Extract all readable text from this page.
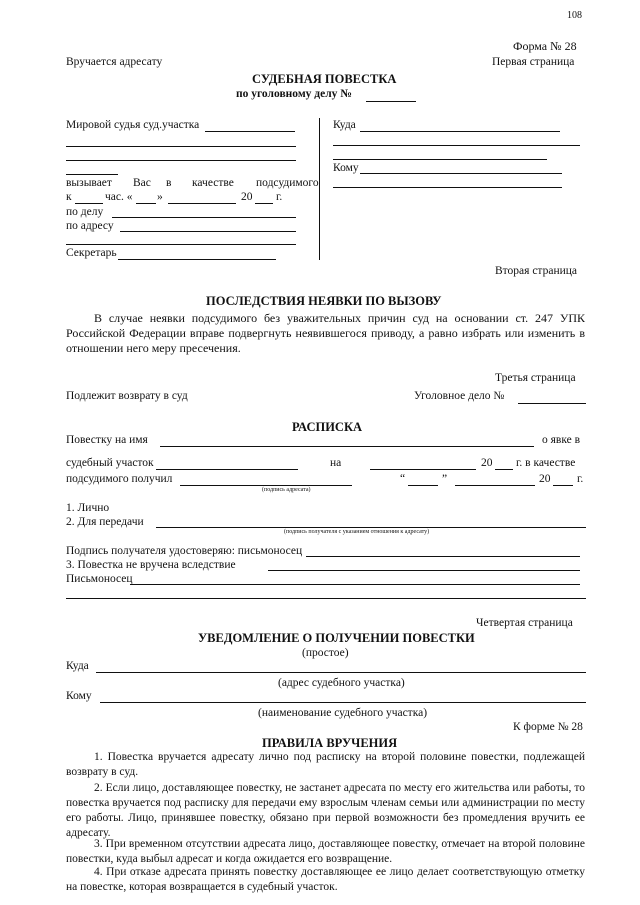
108
Форма № 28
Вручается адресату	Первая страница
СУДЕБНАЯ ПОВЕСТКА
по уголовному делу №
Мировой судья суд.участка
вызывает Вас в качестве подсудимого
к	час. « »	20 г.
по делу
по адресу
Секретарь
Куда
Кому
Вторая страница
ПОСЛЕДСТВИЯ НЕЯВКИ ПО ВЫЗОВУ
В случае неявки подсудимого без уважительных причин суд на основании ст. 247 УПК Российской Федерации вправе подвергнуть неявившегося приводу, а равно избрать или изменить в отношении него меру пресечения.
Третья страница
Подлежит возврату в суд	Уголовное дело №
РАСПИСКА
Повестку на имя	о явке в
судебный участок	на	20 г. в качестве
подсудимого получил
(подпись адресата)
“	”	20 г.
1. Лично
2. Для передачи
(подпись получателя с указанием отношения к адресату)
Подпись получателя удостоверяю: письмоносец
3. Повестка не вручена вследствие
Письмоносец
Четвертая страница
УВЕДОМЛЕНИЕ О ПОЛУЧЕНИИ ПОВЕСТКИ
(простое)
Куда
(адрес судебного участка)
Кому
(наименование судебного участка)
К форме № 28
ПРАВИЛА ВРУЧЕНИЯ
1. Повестка вручается адресату лично под расписку на второй половине повестки, подлежащей возврату в суд.
2. Если лицо, доставляющее повестку, не застанет адресата по месту его жительства или работы, то повестка вручается под расписку для передачи ему взрослым членам семьи или администрации по месту его работы. Лицо, принявшее повестку, обязано при первой возможности без промедления вручить ее адресату.
3. При временном отсутствии адресата лицо, доставляющее повестку, отмечает на второй половине повестки, куда выбыл адресат и когда ожидается его возвращение.
4. При отказе адресата принять повестку доставляющее ее лицо делает соответствующую отметку на повестке, которая возвращается в судебный участок.
